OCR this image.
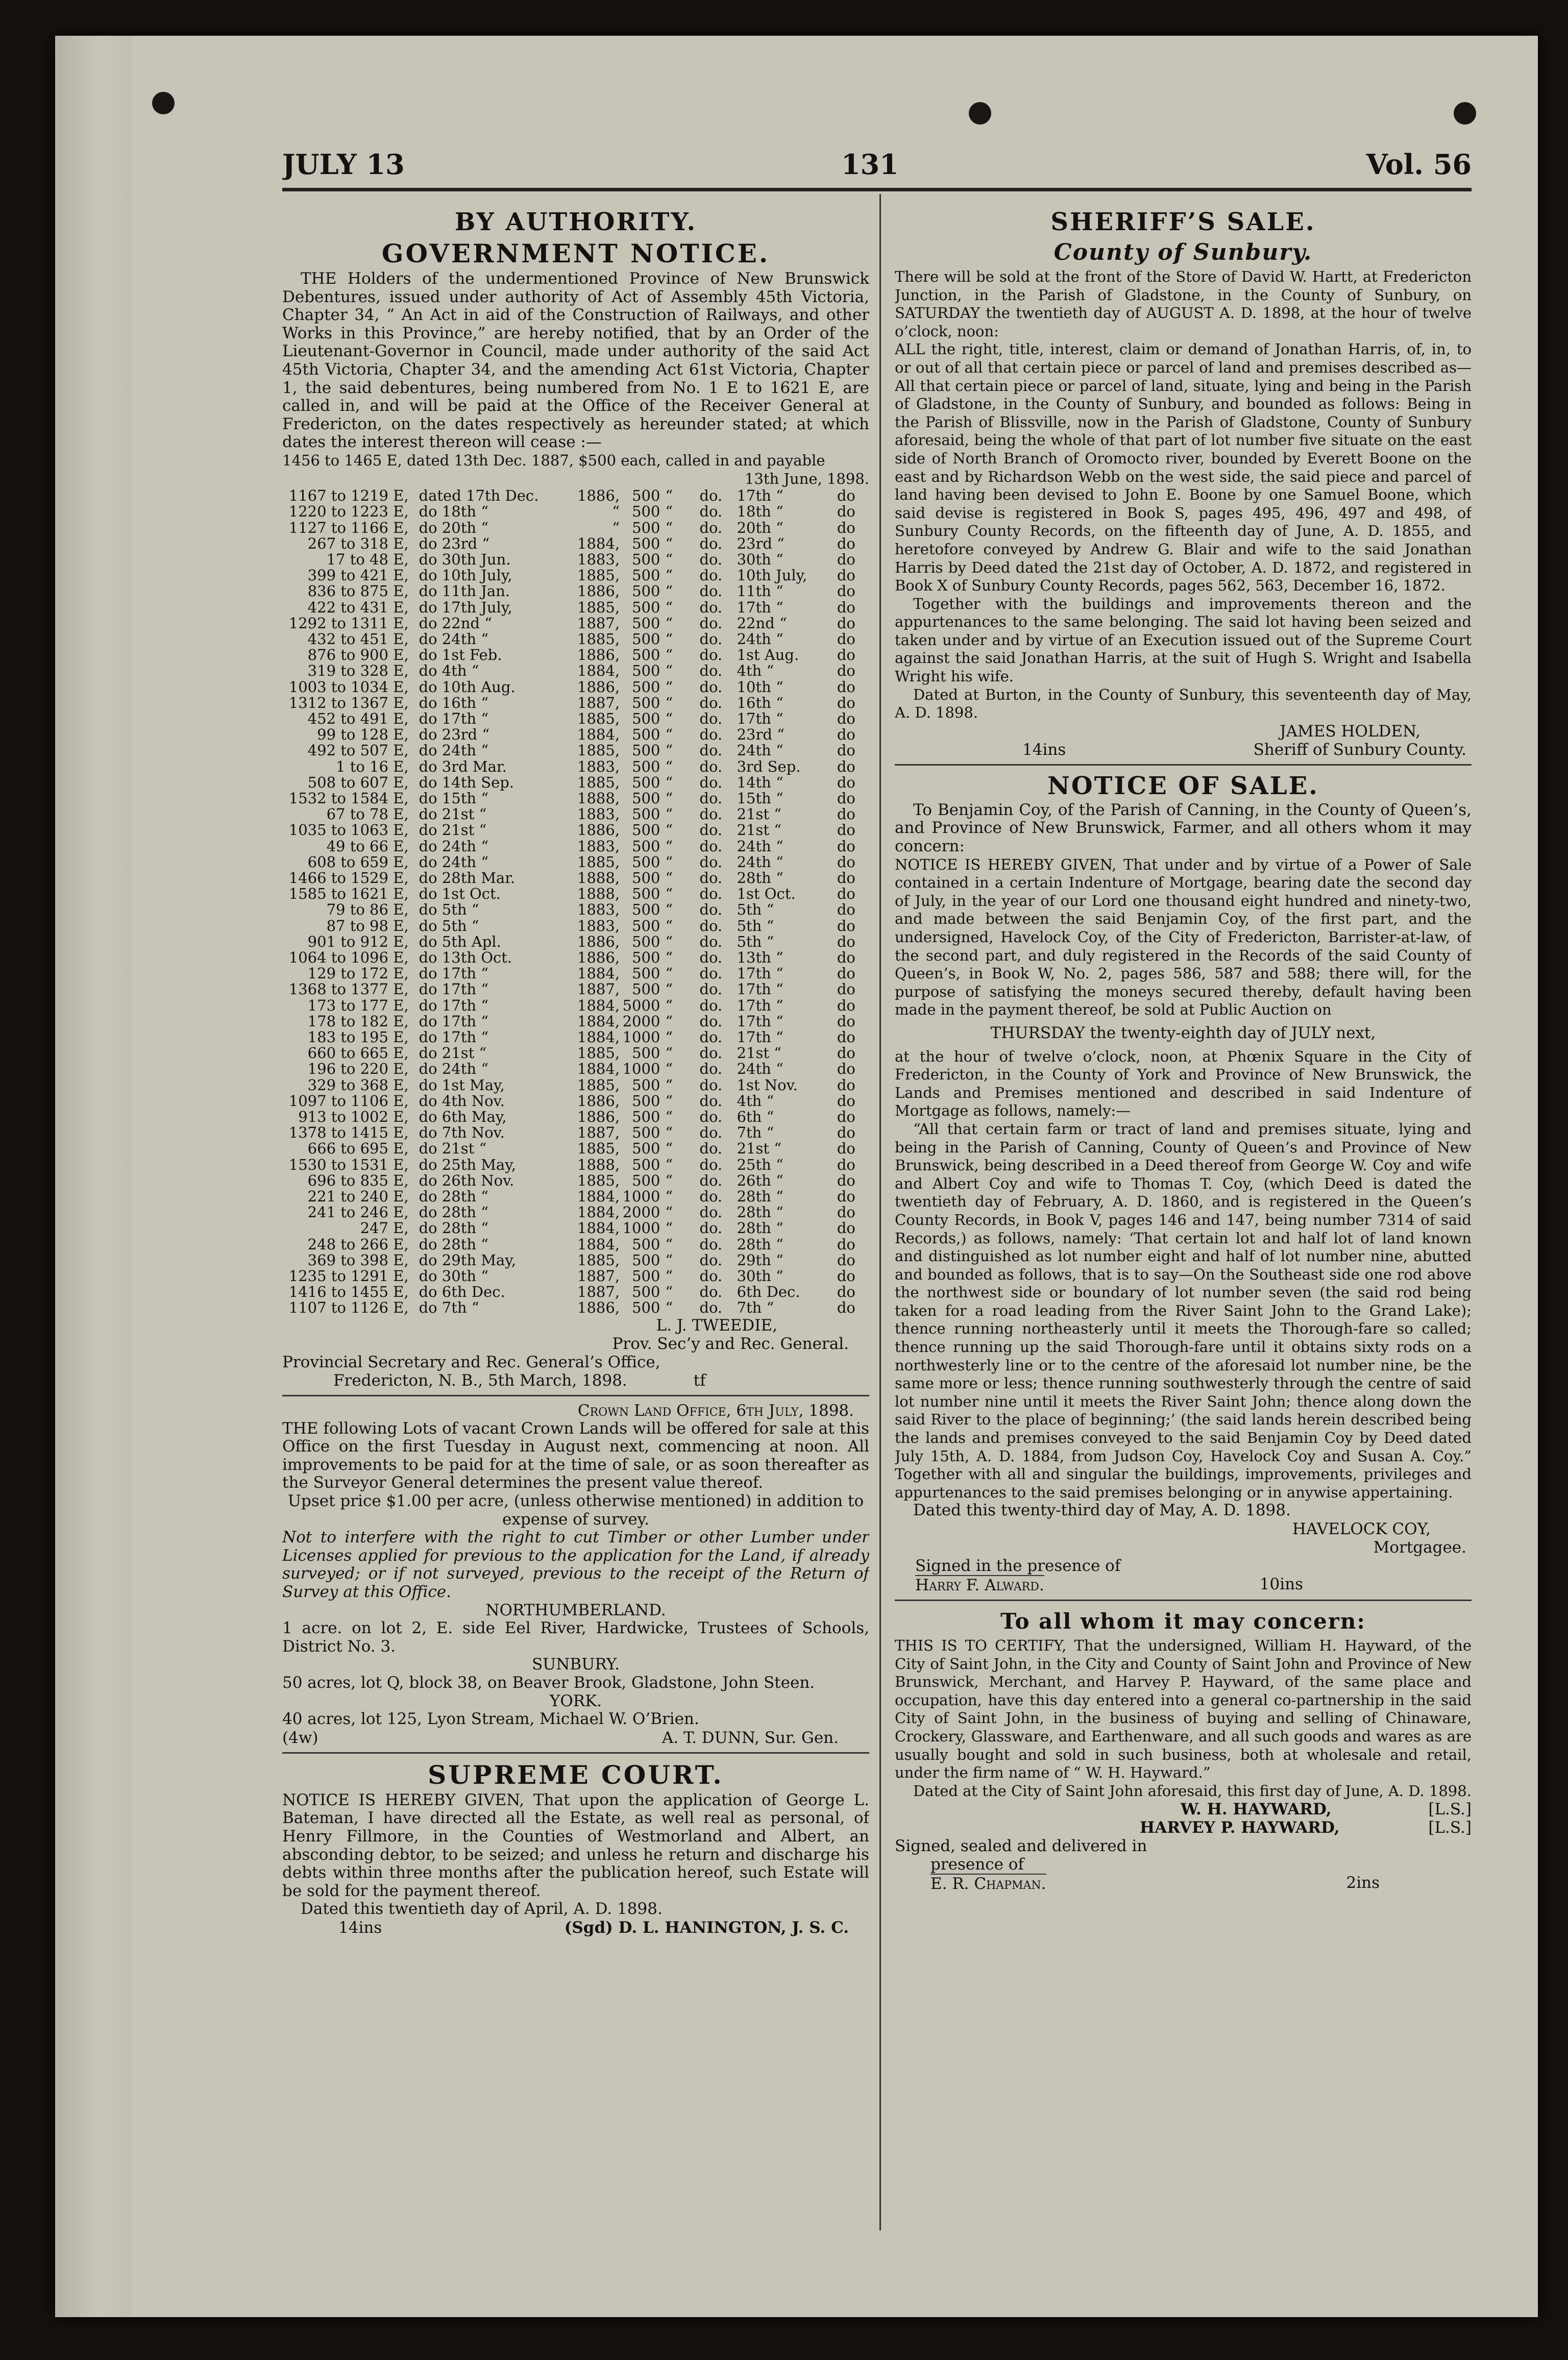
JULY 13	131	Vol. 56

BY AUTHORITY.

GOVERNMENT NOTICE.

THE Holders of the undermentioned Province of New Brunswick Debentures, issued under authority of Act of Assembly 45th Victoria, Chapter 34, “ An Act in aid of the Construction of Railways, and other Works in this Province,” are hereby notified, that by an Order of the Lieutenant-Governor in Council, made under authority of the said Act 45th Victoria, Chapter 34, and the amending Act 61st Victoria, Chapter 1, the said debentures, being numbered from No. 1 E to 1621 E, are called in, and will be paid at the Office of the Receiver General at Fredericton, on the dates respectively as hereunder stated; at which dates the interest thereon will cease :—

1456 to 1465 E, dated 13th Dec. 1887, $500 each, called in and payable

13th June, 1898.

1167 to 1219 E,	dated 17th Dec.	1886,	500	“	do.	17th “	do
1220 to 1223 E,	do 18th “	“	500	“	do.	18th “	do
1127 to 1166 E,	do 20th “	“	500	“	do.	20th “	do
267 to 318 E,	do 23rd “	1884,	500	“	do.	23rd “	do
17 to 48 E,	do 30th Jun.	1883,	500	“	do.	30th “	do
399 to 421 E,	do 10th July,	1885,	500	“	do.	10th July,	do
836 to 875 E,	do 11th Jan.	1886,	500	“	do.	11th “	do
422 to 431 E,	do 17th July,	1885,	500	“	do.	17th “	do
1292 to 1311 E,	do 22nd “	1887,	500	“	do.	22nd “	do
432 to 451 E,	do 24th “	1885,	500	“	do.	24th “	do
876 to 900 E,	do 1st Feb.	1886,	500	“	do.	1st Aug.	do
319 to 328 E,	do 4th “	1884,	500	“	do.	4th “	do
1003 to 1034 E,	do 10th Aug.	1886,	500	“	do.	10th “	do
1312 to 1367 E,	do 16th “	1887,	500	“	do.	16th “	do
452 to 491 E,	do 17th “	1885,	500	“	do.	17th “	do
99 to 128 E,	do 23rd “	1884,	500	“	do.	23rd “	do
492 to 507 E,	do 24th “	1885,	500	“	do.	24th “	do
1 to 16 E,	do 3rd Mar.	1883,	500	“	do.	3rd Sep.	do
508 to 607 E,	do 14th Sep.	1885,	500	“	do.	14th “	do
1532 to 1584 E,	do 15th “	1888,	500	“	do.	15th “	do
67 to 78 E,	do 21st “	1883,	500	“	do.	21st “	do
1035 to 1063 E,	do 21st “	1886,	500	“	do.	21st “	do
49 to 66 E,	do 24th “	1883,	500	“	do.	24th “	do
608 to 659 E,	do 24th “	1885,	500	“	do.	24th “	do
1466 to 1529 E,	do 28th Mar.	1888,	500	“	do.	28th “	do
1585 to 1621 E,	do 1st Oct.	1888,	500	“	do.	1st Oct.	do
79 to 86 E,	do 5th “	1883,	500	“	do.	5th “	do
87 to 98 E,	do 5th “	1883,	500	“	do.	5th “	do
901 to 912 E,	do 5th Apl.	1886,	500	“	do.	5th “	do
1064 to 1096 E,	do 13th Oct.	1886,	500	“	do.	13th “	do
129 to 172 E,	do 17th “	1884,	500	“	do.	17th “	do
1368 to 1377 E,	do 17th “	1887,	500	“	do.	17th “	do
173 to 177 E,	do 17th “	1884,	5000	“	do.	17th “	do
178 to 182 E,	do 17th “	1884,	2000	“	do.	17th “	do
183 to 195 E,	do 17th “	1884,	1000	“	do.	17th “	do
660 to 665 E,	do 21st “	1885,	500	“	do.	21st “	do
196 to 220 E,	do 24th “	1884,	1000	“	do.	24th “	do
329 to 368 E,	do 1st May,	1885,	500	“	do.	1st Nov.	do
1097 to 1106 E,	do 4th Nov.	1886,	500	“	do.	4th “	do
913 to 1002 E,	do 6th May,	1886,	500	“	do.	6th “	do
1378 to 1415 E,	do 7th Nov.	1887,	500	“	do.	7th “	do
666 to 695 E,	do 21st “	1885,	500	“	do.	21st “	do
1530 to 1531 E,	do 25th May,	1888,	500	“	do.	25th “	do
696 to 835 E,	do 26th Nov.	1885,	500	“	do.	26th “	do
221 to 240 E,	do 28th “	1884,	1000	“	do.	28th “	do
241 to 246 E,	do 28th “	1884,	2000	“	do.	28th “	do
247 E,	do 28th “	1884,	1000	“	do.	28th “	do
248 to 266 E,	do 28th “	1884,	500	“	do.	28th “	do
369 to 398 E,	do 29th May,	1885,	500	“	do.	29th “	do
1235 to 1291 E,	do 30th “	1887,	500	“	do.	30th “	do
1416 to 1455 E,	do 6th Dec.	1887,	500	“	do.	6th Dec.	do
1107 to 1126 E,	do 7th “	1886,	500	“	do.	7th “	do

L. J. TWEEDIE,

Prov. Sec’y and Rec. General.

Provincial Secretary and Rec. General’s Office,

Fredericton, N. B., 5th March, 1898.	tf

Crown Land Office, 6th July, 1898.

THE following Lots of vacant Crown Lands will be offered for sale at this Office on the first Tuesday in August next, commencing at noon. All improvements to be paid for at the time of sale, or as soon thereafter as the Surveyor General determines the present value thereof.

Upset price $1.00 per acre, (unless otherwise mentioned) in addition to expense of survey.

Not to interfere with the right to cut Timber or other Lumber under Licenses applied for previous to the application for the Land, if already surveyed; or if not surveyed, previous to the receipt of the Return of Survey at this Office.

NORTHUMBERLAND.

1 acre. on lot 2, E. side Eel River, Hardwicke, Trustees of Schools, District No. 3.

SUNBURY.

50 acres, lot Q, block 38, on Beaver Brook, Gladstone, John Steen.

YORK.

40 acres, lot 125, Lyon Stream, Michael W. O’Brien.

(4w)	A. T. DUNN, Sur. Gen.

SUPREME COURT.

NOTICE IS HEREBY GIVEN, That upon the application of George L. Bateman, I have directed all the Estate, as well real as personal, of Henry Fillmore, in the Counties of Westmorland and Albert, an absconding debtor, to be seized; and unless he return and discharge his debts within three months after the publication hereof, such Estate will be sold for the payment thereof.

Dated this twentieth day of April, A. D. 1898.

14ins	(Sgd) D. L. HANINGTON, J. S. C.

SHERIFF’S SALE.

County of Sunbury.

There will be sold at the front of the Store of David W. Hartt, at Fredericton Junction, in the Parish of Gladstone, in the County of Sunbury, on SATURDAY the twentieth day of AUGUST A. D. 1898, at the hour of twelve o’clock, noon:

ALL the right, title, interest, claim or demand of Jonathan Harris, of, in, to or out of all that certain piece or parcel of land and premises described as—All that certain piece or parcel of land, situate, lying and being in the Parish of Gladstone, in the County of Sunbury, and bounded as follows: Being in the Parish of Blissville, now in the Parish of Gladstone, County of Sunbury aforesaid, being the whole of that part of lot number five situate on the east side of North Branch of Oromocto river, bounded by Everett Boone on the east and by Richardson Webb on the west side, the said piece and parcel of land having been devised to John E. Boone by one Samuel Boone, which said devise is registered in Book S, pages 495, 496, 497 and 498, of Sunbury County Records, on the fifteenth day of June, A. D. 1855, and heretofore conveyed by Andrew G. Blair and wife to the said Jonathan Harris by Deed dated the 21st day of October, A. D. 1872, and registered in Book X of Sunbury County Records, pages 562, 563, December 16, 1872.

Together with the buildings and improvements thereon and the appurtenances to the same belonging. The said lot having been seized and taken under and by virtue of an Execution issued out of the Supreme Court against the said Jonathan Harris, at the suit of Hugh S. Wright and Isabella Wright his wife.

Dated at Burton, in the County of Sunbury, this seventeenth day of May, A. D. 1898.

JAMES HOLDEN,

14ins	Sheriff of Sunbury County.

NOTICE OF SALE.

To Benjamin Coy, of the Parish of Canning, in the County of Queen’s, and Province of New Brunswick, Farmer, and all others whom it may concern:

NOTICE IS HEREBY GIVEN, That under and by virtue of a Power of Sale contained in a certain Indenture of Mortgage, bearing date the second day of July, in the year of our Lord one thousand eight hundred and ninety-two, and made between the said Benjamin Coy, of the first part, and the undersigned, Havelock Coy, of the City of Fredericton, Barrister-at-law, of the second part, and duly registered in the Records of the said County of Queen’s, in Book W, No. 2, pages 586, 587 and 588; there will, for the purpose of satisfying the moneys secured thereby, default having been made in the payment thereof, be sold at Public Auction on

THURSDAY the twenty-eighth day of JULY next,

at the hour of twelve o’clock, noon, at Phœnix Square in the City of Fredericton, in the County of York and Province of New Brunswick, the Lands and Premises mentioned and described in said Indenture of Mortgage as follows, namely:—

“All that certain farm or tract of land and premises situate, lying and being in the Parish of Canning, County of Queen’s and Province of New Brunswick, being described in a Deed thereof from George W. Coy and wife and Albert Coy and wife to Thomas T. Coy, (which Deed is dated the twentieth day of February, A. D. 1860, and is registered in the Queen’s County Records, in Book V, pages 146 and 147, being number 7314 of said Records,) as follows, namely: ‘That certain lot and half lot of land known and distinguished as lot number eight and half of lot number nine, abutted and bounded as follows, that is to say—On the Southeast side one rod above the northwest side or boundary of lot number seven (the said rod being taken for a road leading from the River Saint John to the Grand Lake); thence running northeasterly until it meets the Thorough-fare so called; thence running up the said Thorough-fare until it obtains sixty rods on a northwesterly line or to the centre of the aforesaid lot number nine, be the same more or less; thence running southwesterly through the centre of said lot number nine until it meets the River Saint John; thence along down the said River to the place of beginning;’ (the said lands herein described being the lands and premises conveyed to the said Benjamin Coy by Deed dated July 15th, A. D. 1884, from Judson Coy, Havelock Coy and Susan A. Coy.” Together with all and singular the buildings, improvements, privileges and appurtenances to the said premises belonging or in anywise appertaining.

Dated this twenty-third day of May, A. D. 1898.

HAVELOCK COY,

Mortgagee.

Signed in the presence of

Harry F. Alward.	10ins

To all whom it may concern:

THIS IS TO CERTIFY, That the undersigned, William H. Hayward, of the City of Saint John, in the City and County of Saint John and Province of New Brunswick, Merchant, and Harvey P. Hayward, of the same place and occupation, have this day entered into a general co-partnership in the said City of Saint John, in the business of buying and selling of Chinaware, Crockery, Glassware, and Earthenware, and all such goods and wares as are usually bought and sold in such business, both at wholesale and retail, under the firm name of “ W. H. Hayward.”

Dated at the City of Saint John aforesaid, this first day of June, A. D. 1898.

W. H. HAYWARD,	[L.S.]
HARVEY P. HAYWARD,	[L.S.]

Signed, sealed and delivered in

presence of

E. R. Chapman.	2ins
